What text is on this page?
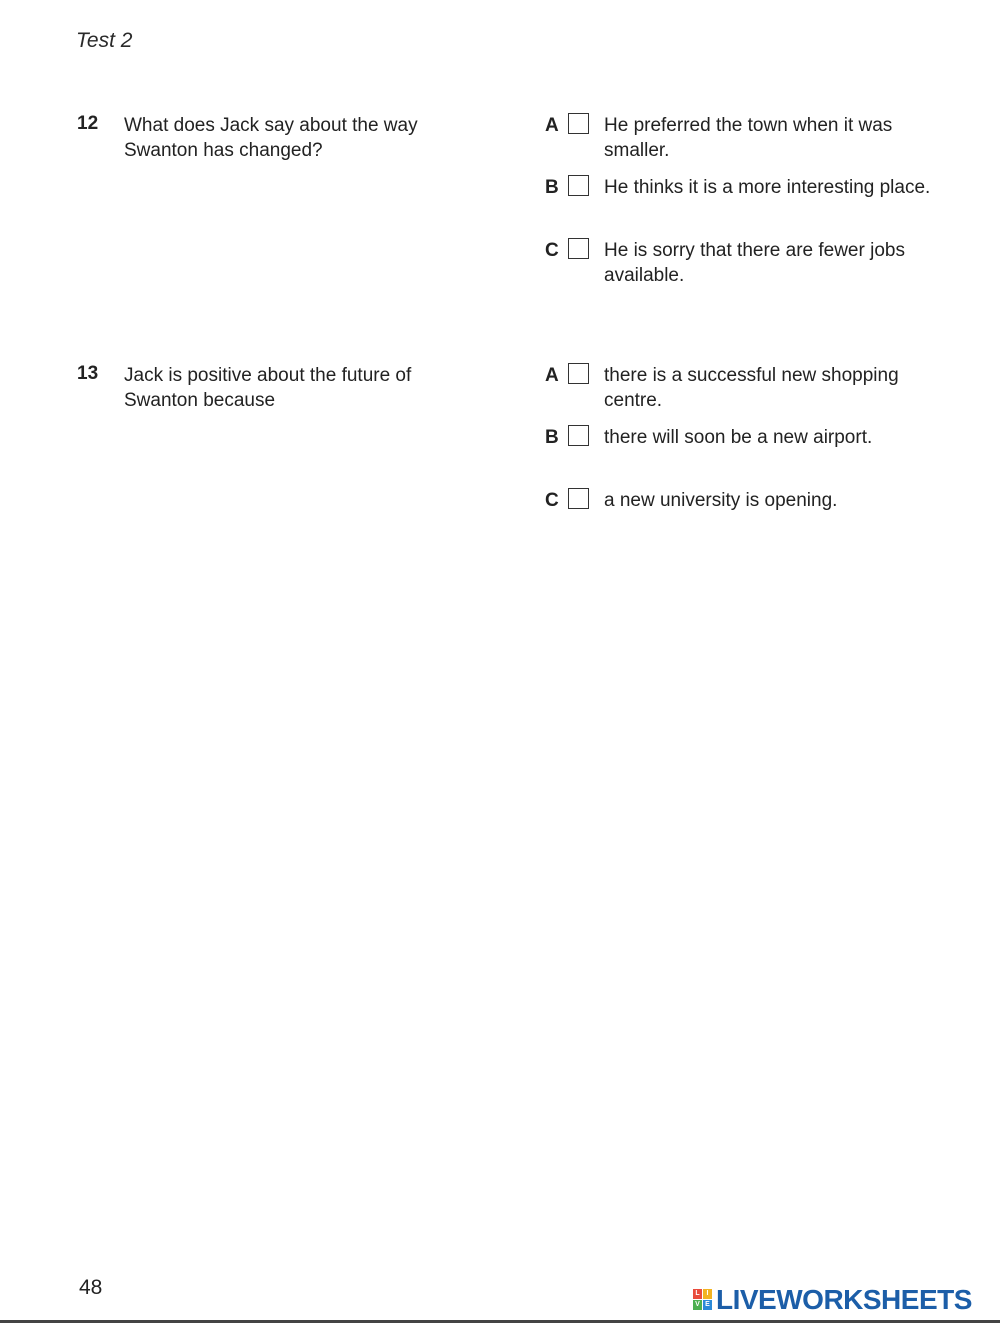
Test 2
12 What does Jack say about the way Swanton has changed?
A He preferred the town when it was smaller.
B He thinks it is a more interesting place.
C He is sorry that there are fewer jobs available.
13 Jack is positive about the future of Swanton because
A there is a successful new shopping centre.
B there will soon be a new airport.
C a new university is opening.
48	L I
V E LIVEWORKSHEETS
